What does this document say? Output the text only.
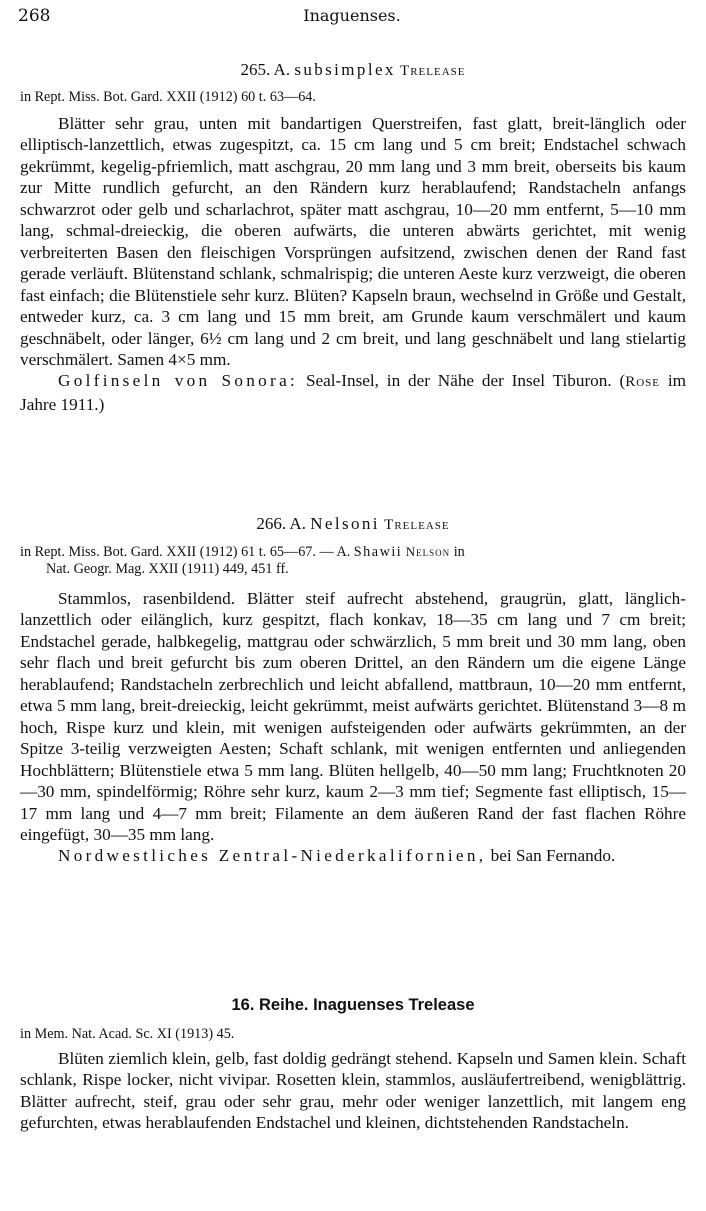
268	Inaguenses.
265. A. subsimplex Trelease
in Rept. Miss. Bot. Gard. XXII (1912) 60 t. 63—64.

Blätter sehr grau, unten mit bandartigen Querstreifen, fast glatt, breit-länglich oder elliptisch-lanzettlich, etwas zugespitzt, ca. 15 cm lang und 5 cm breit; Endstachel schwach gekrümmt, kegelig-pfriemlich, matt aschgrau, 20 mm lang und 3 mm breit, oberseits bis kaum zur Mitte rundlich gefurcht, an den Rändern kurz herablaufend; Randstacheln anfangs schwarzrot oder gelb und scharlachrot, später matt aschgrau, 10—20 mm entfernt, 5—10 mm lang, schmal-dreieckig, die oberen aufwärts, die unteren abwärts gerichtet, mit wenig verbreiterten Basen den fleischigen Vorsprüngen aufsitzend, zwischen denen der Rand fast gerade verläuft. Blütenstand schlank, schmalrispig; die unteren Aeste kurz verzweigt, die oberen fast einfach; die Blütenstiele sehr kurz. Blüten? Kapseln braun, wechselnd in Größe und Gestalt, entweder kurz, ca. 3 cm lang und 15 mm breit, am Grunde kaum verschmälert und kaum geschnäbelt, oder länger, 6½ cm lang und 2 cm breit, und lang geschnäbelt und lang stielartig verschmälert. Samen 4×5 mm.

Golfinseln von Sonora: Seal-Insel, in der Nähe der Insel Tiburon. (Rose im Jahre 1911.)

266. A. Nelsoni Trelease
in Rept. Miss. Bot. Gard. XXII (1912) 61 t. 65—67. — A. Shawii Nelson in
Nat. Geogr. Mag. XXII (1911) 449, 451 ff.

Stammlos, rasenbildend. Blätter steif aufrecht abstehend, graugrün, glatt, länglich-lanzettlich oder eilänglich, kurz gespitzt, flach konkav, 18—35 cm lang und 7 cm breit; Endstachel gerade, halbkegelig, mattgrau oder schwärzlich, 5 mm breit und 30 mm lang, oben sehr flach und breit gefurcht bis zum oberen Drittel, an den Rändern um die eigene Länge herablaufend; Randstacheln zerbrechlich und leicht abfallend, mattbraun, 10—20 mm entfernt, etwa 5 mm lang, breit-dreieckig, leicht gekrümmt, meist aufwärts gerichtet. Blütenstand 3—8 m hoch, Rispe kurz und klein, mit wenigen aufsteigenden oder aufwärts gekrümmten, an der Spitze 3-teilig verzweigten Aesten; Schaft schlank, mit wenigen entfernten und anliegenden Hochblättern; Blütenstiele etwa 5 mm lang. Blüten hellgelb, 40—50 mm lang; Fruchtknoten 20—30 mm, spindelförmig; Röhre sehr kurz, kaum 2—3 mm tief; Segmente fast elliptisch, 15—17 mm lang und 4—7 mm breit; Filamente an dem äußeren Rand der fast flachen Röhre eingefügt, 30—35 mm lang.

Nordwestliches Zentral-Niederkalifornien, bei San Fernando.

16. Reihe. Inaguenses Trelease
in Mem. Nat. Acad. Sc. XI (1913) 45.

Blüten ziemlich klein, gelb, fast doldig gedrängt stehend. Kapseln und Samen klein. Schaft schlank, Rispe locker, nicht vivipar. Rosetten klein, stammlos, ausläufertreibend, wenigblättrig. Blätter aufrecht, steif, grau oder sehr grau, mehr oder weniger lanzettlich, mit langem eng gefurchten, etwas herablaufenden Endstachel und kleinen, dichtstehenden Randstacheln.
